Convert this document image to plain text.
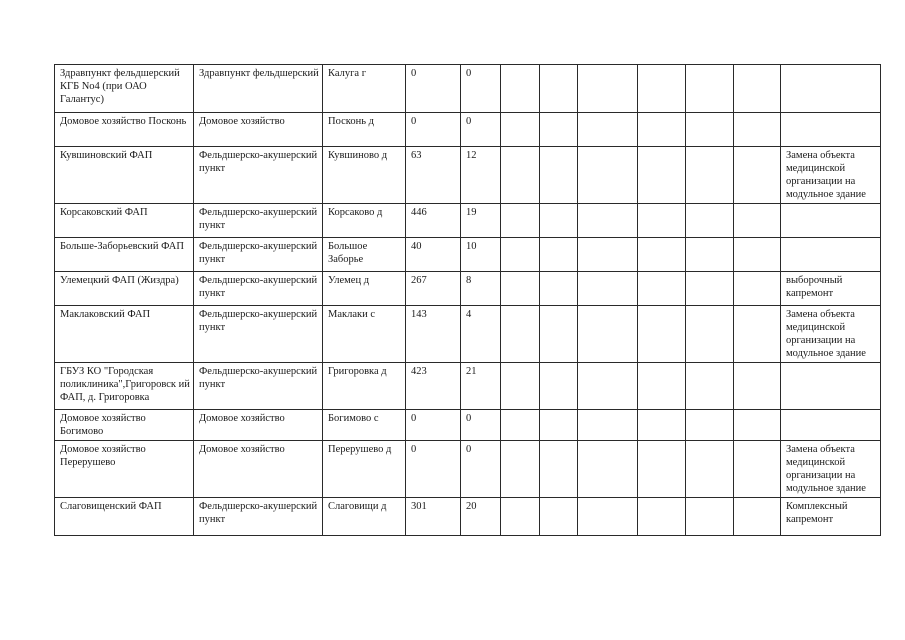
Здравпункт фельдшерский КГБ No4 (при ОАО Галантус)	Здравпункт фельдшерский	Калуга г	0	0							
Домовое хозяйство Посконь	Домовое хозяйство	Посконь д	0	0							
Кувшиновский ФАП	Фельдшерско-акушерский пункт	Кувшиново д	63	12							Замена объекта медицинской организации на модульное здание
Корсаковский ФАП	Фельдшерско-акушерский пункт	Корсаково д	446	19							
Больше-Заборьевский ФАП	Фельдшерско-акушерский пункт	Большое Заборье	40	10							
Улемецкий ФАП (Жиздра)	Фельдшерско-акушерский пункт	Улемец д	267	8							выборочный капремонт
Маклаковский ФАП	Фельдшерско-акушерский пункт	Маклаки с	143	4							Замена объекта медицинской организации на модульное здание
ГБУЗ КО "Городская поликлиника",Григоровск ий ФАП, д. Григоровка	Фельдшерско-акушерский пункт	Григоровка д	423	21							
Домовое хозяйство Богимово	Домовое хозяйство	Богимово с	0	0							
Домовое хозяйство Перерушево	Домовое хозяйство	Перерушево д	0	0							Замена объекта медицинской организации на модульное здание
Слаговищенский ФАП	Фельдшерско-акушерский пункт	Слаговищи д	301	20							Комплексный капремонт
